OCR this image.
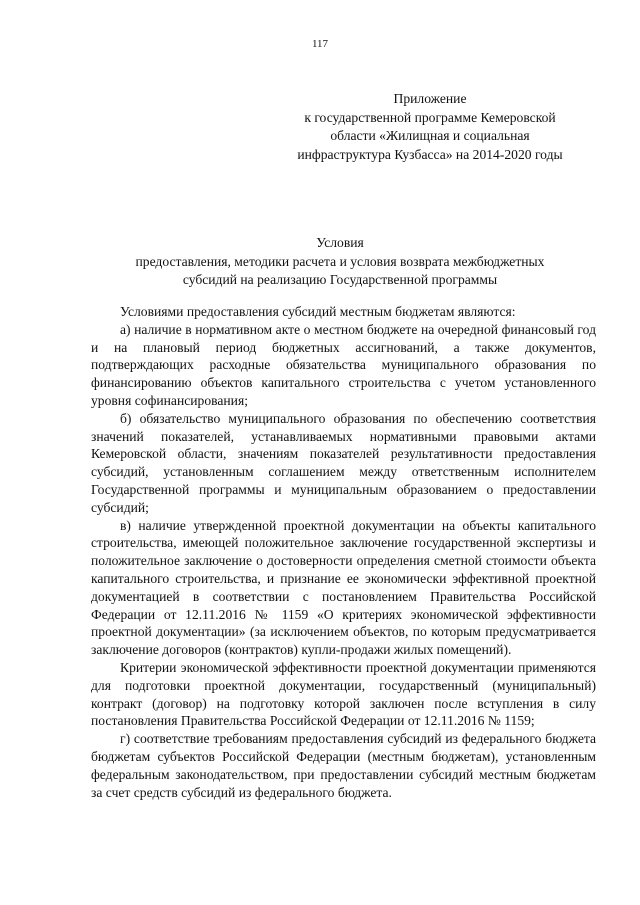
117
Приложение
к государственной программе Кемеровской
области «Жилищная и социальная
инфраструктура Кузбасса» на 2014-2020 годы
Условия
предоставления, методики расчета и условия возврата межбюджетных
субсидий на реализацию Государственной программы

Условиями предоставления субсидий местным бюджетам являются:

а) наличие в нормативном акте о местном бюджете на очередной финансовый год и на плановый период бюджетных ассигнований, а также документов, подтверждающих расходные обязательства муниципального образования по финансированию объектов капитального строительства с учетом установленного уровня софинансирования;

б) обязательство муниципального образования по обеспечению соответствия значений показателей, устанавливаемых нормативными правовыми актами Кемеровской области, значениям показателей результативности предоставления субсидий, установленным соглашением между ответственным исполнителем Государственной программы и муниципальным образованием о предоставлении субсидий;

в) наличие утвержденной проектной документации на объекты капитального строительства, имеющей положительное заключение государственной экспертизы и положительное заключение о достоверности определения сметной стоимости объекта капитального строительства, и признание ее экономически эффективной проектной документацией в соответствии с постановлением Правительства Российской Федерации от 12.11.2016 № 1159 «О критериях экономической эффективности проектной документации» (за исключением объектов, по которым предусматривается заключение договоров (контрактов) купли-продажи жилых помещений).

Критерии экономической эффективности проектной документации применяются для подготовки проектной документации, государственный (муниципальный) контракт (договор) на подготовку которой заключен после вступления в силу постановления Правительства Российской Федерации от 12.11.2016 № 1159;

г) соответствие требованиям предоставления субсидий из федерального бюджета бюджетам субъектов Российской Федерации (местным бюджетам), установленным федеральным законодательством, при предоставлении субсидий местным бюджетам за счет средств субсидий из федерального бюджета.
